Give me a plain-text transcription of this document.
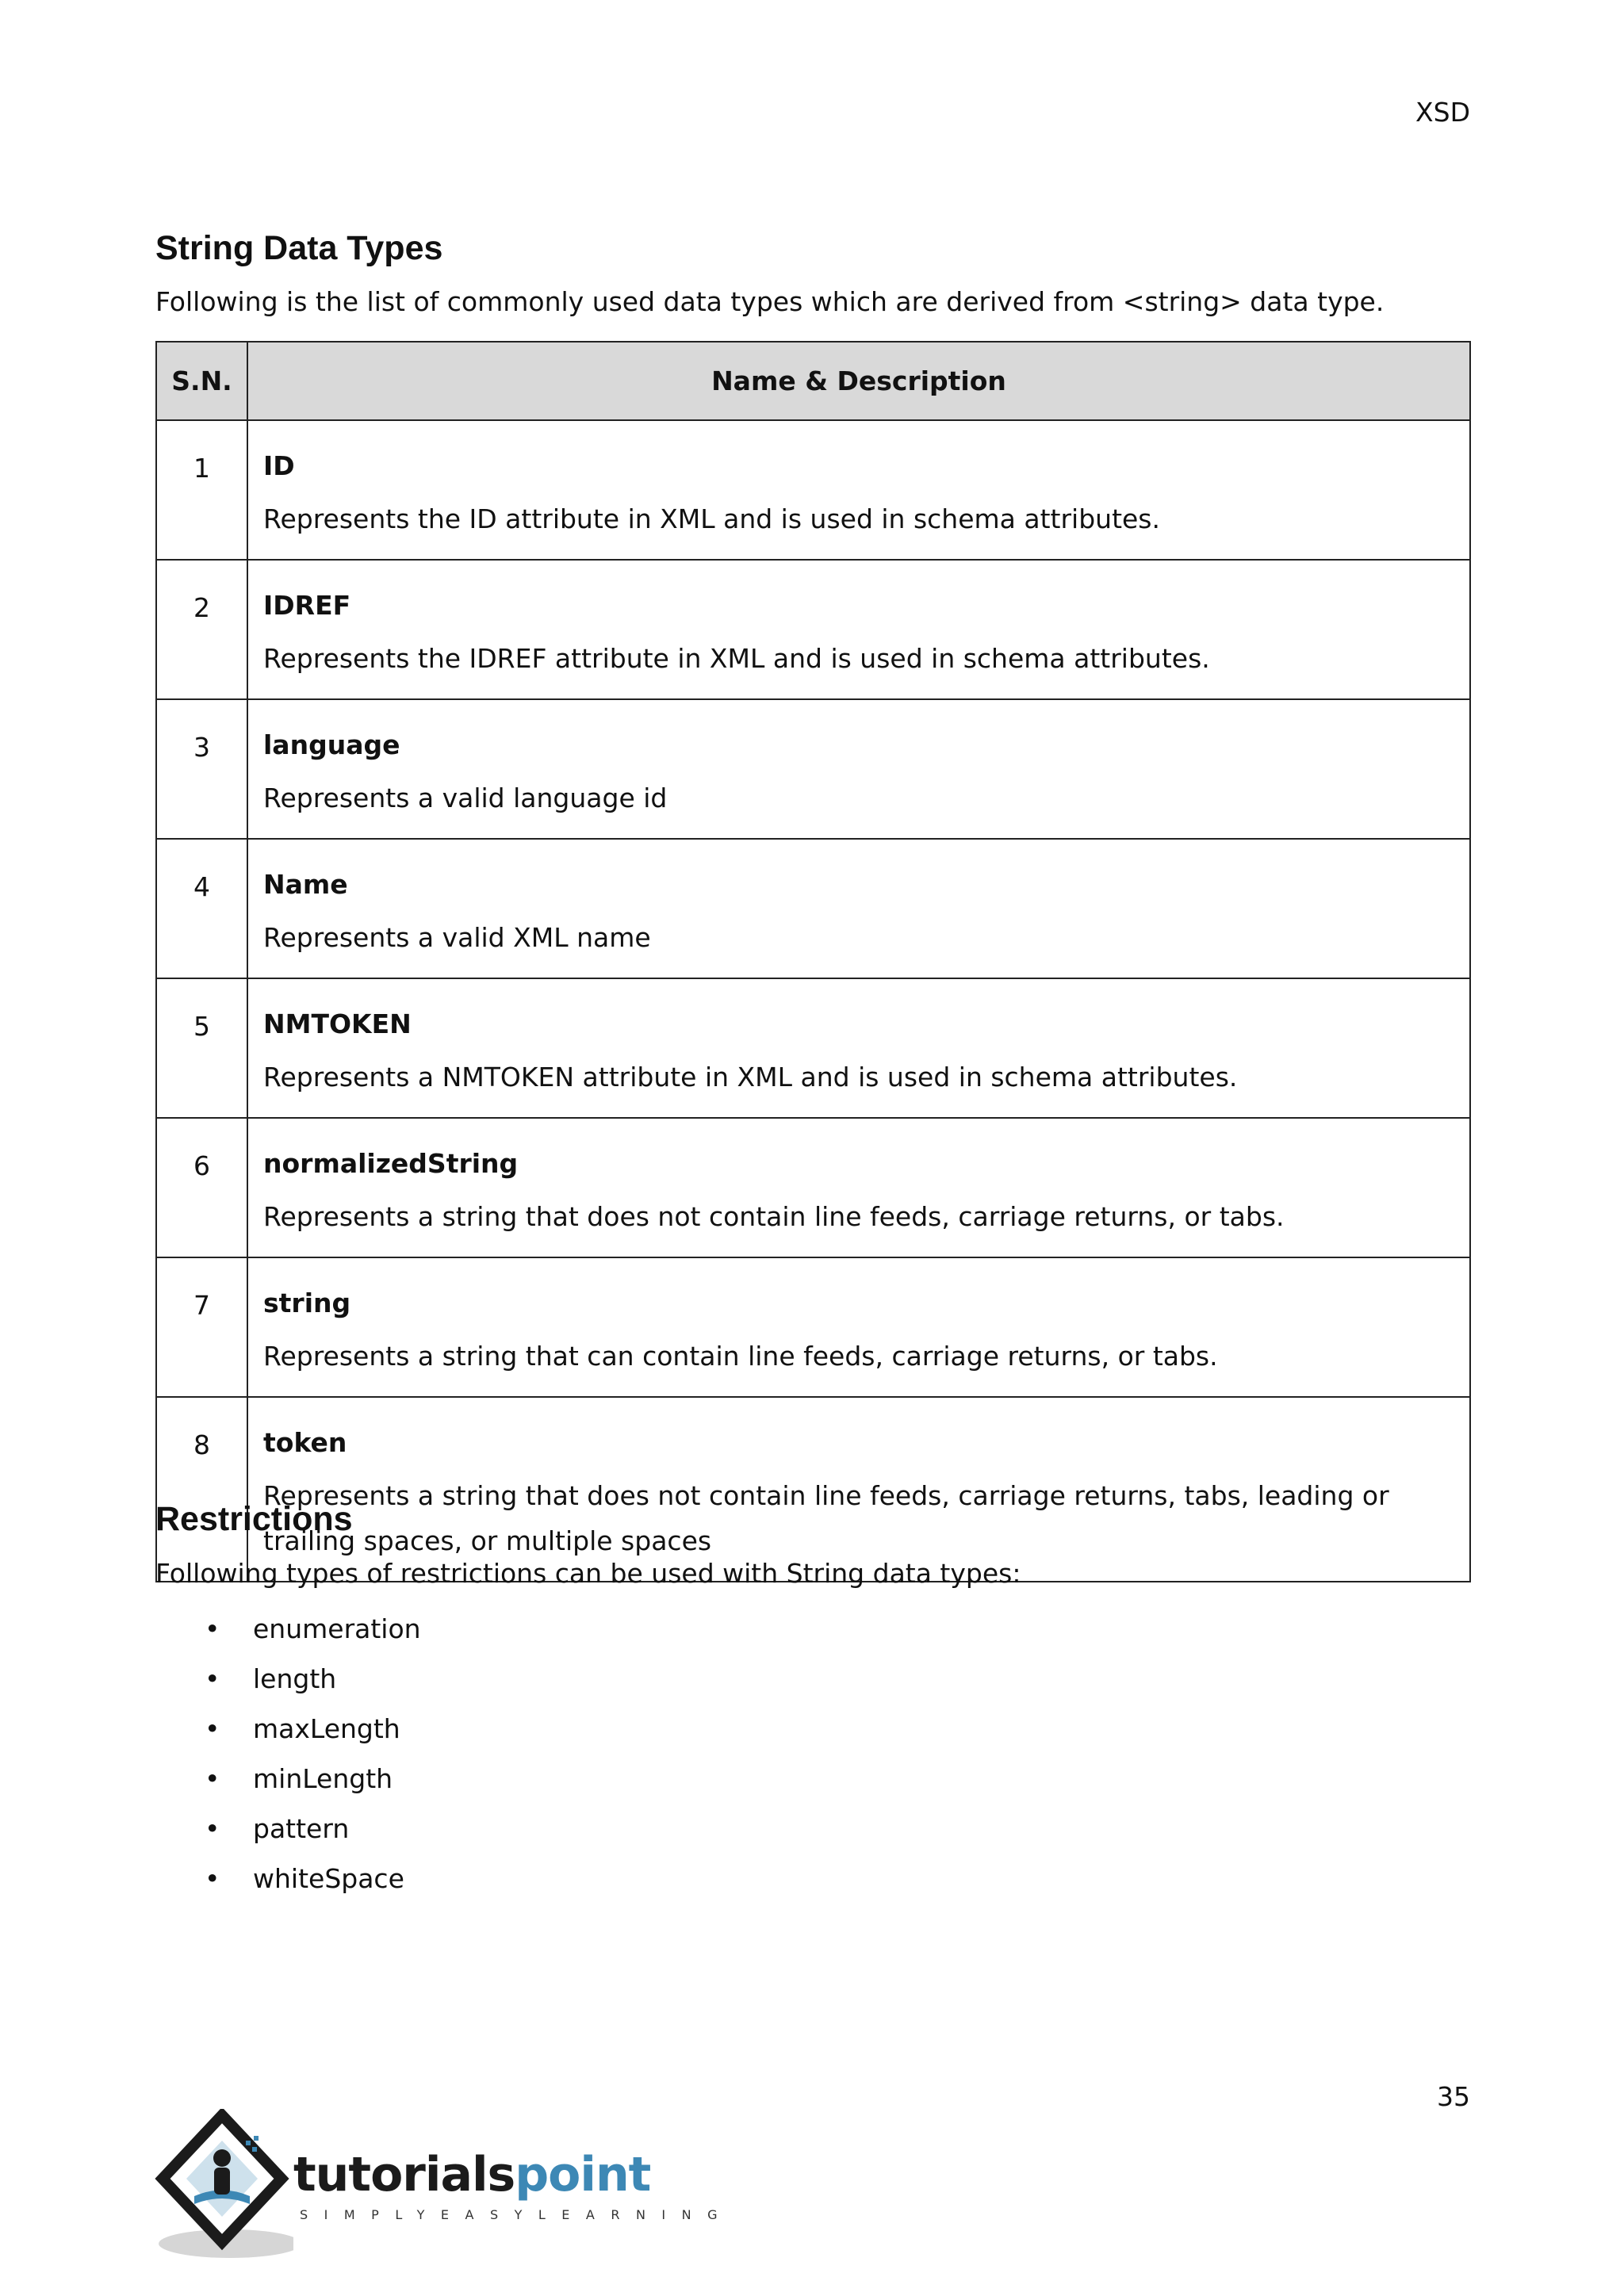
XSD
String Data Types

Following is the list of commonly used data types which are derived from <string> data type.

S.N.	Name & Description
1	ID
Represents the ID attribute in XML and is used in schema attributes.

2	IDREF
Represents the IDREF attribute in XML and is used in schema attributes.

3	language
Represents a valid language id

4	Name
Represents a valid XML name

5	NMTOKEN
Represents a NMTOKEN attribute in XML and is used in schema attributes.

6	normalizedString
Represents a string that does not contain line feeds, carriage returns, or tabs.

7	string
Represents a string that can contain line feeds, carriage returns, or tabs.

8	token
Represents a string that does not contain line feeds, carriage returns, tabs, leading or trailing spaces, or multiple spaces
Restrictions

Following types of restrictions can be used with String data types:

• enumeration
• length
• maxLength
• minLength
• pattern
• whiteSpace
35
tutorialspoint
SIMPLYEASYLEARNING
